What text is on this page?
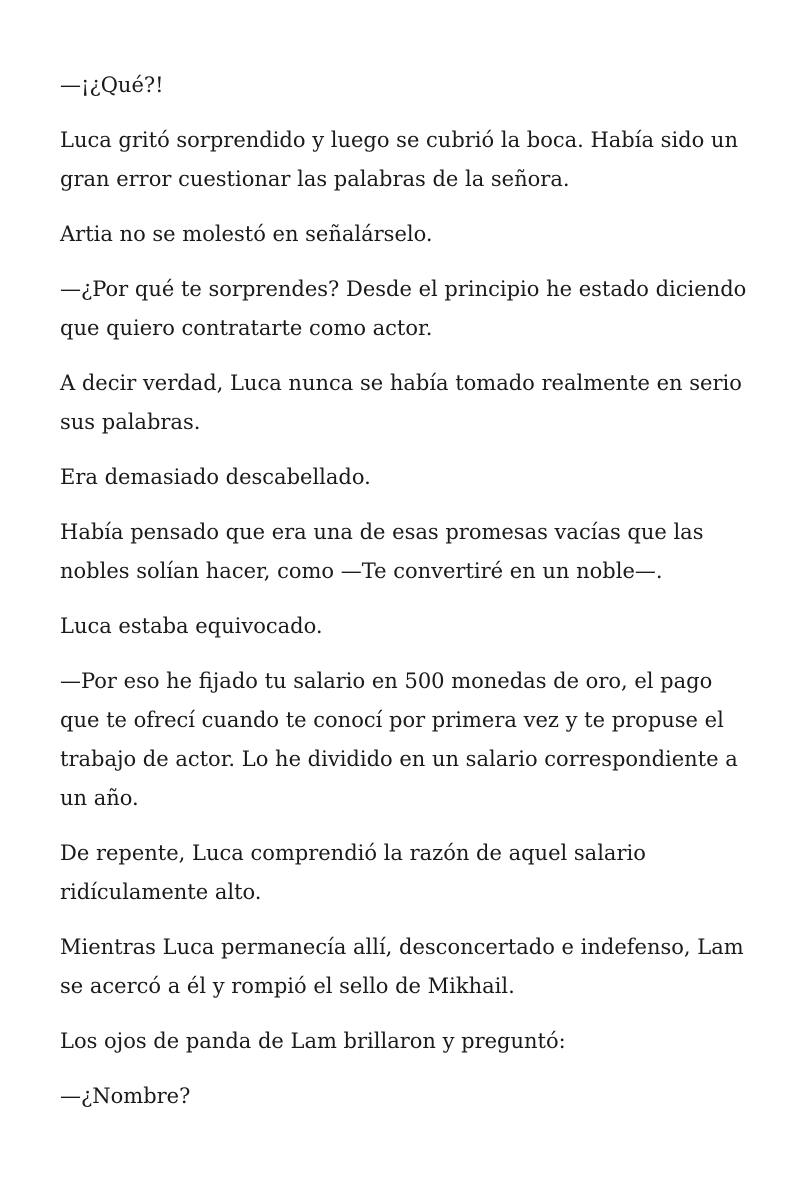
—¡¿Qué?!

Luca gritó sorprendido y luego se cubrió la boca. Había sido un gran error cuestionar las palabras de la señora.

Artia no se molestó en señalárselo.

—¿Por qué te sorprendes? Desde el principio he estado diciendo que quiero contratarte como actor.

A decir verdad, Luca nunca se había tomado realmente en serio sus palabras.

Era demasiado descabellado.

Había pensado que era una de esas promesas vacías que las nobles solían hacer, como —Te convertiré en un noble—.

Luca estaba equivocado.

—Por eso he fijado tu salario en 500 monedas de oro, el pago que te ofrecí cuando te conocí por primera vez y te propuse el trabajo de actor. Lo he dividido en un salario correspondiente a un año.

De repente, Luca comprendió la razón de aquel salario ridículamente alto.

Mientras Luca permanecía allí, desconcertado e indefenso, Lam se acercó a él y rompió el sello de Mikhail.

Los ojos de panda de Lam brillaron y preguntó:

—¿Nombre?
